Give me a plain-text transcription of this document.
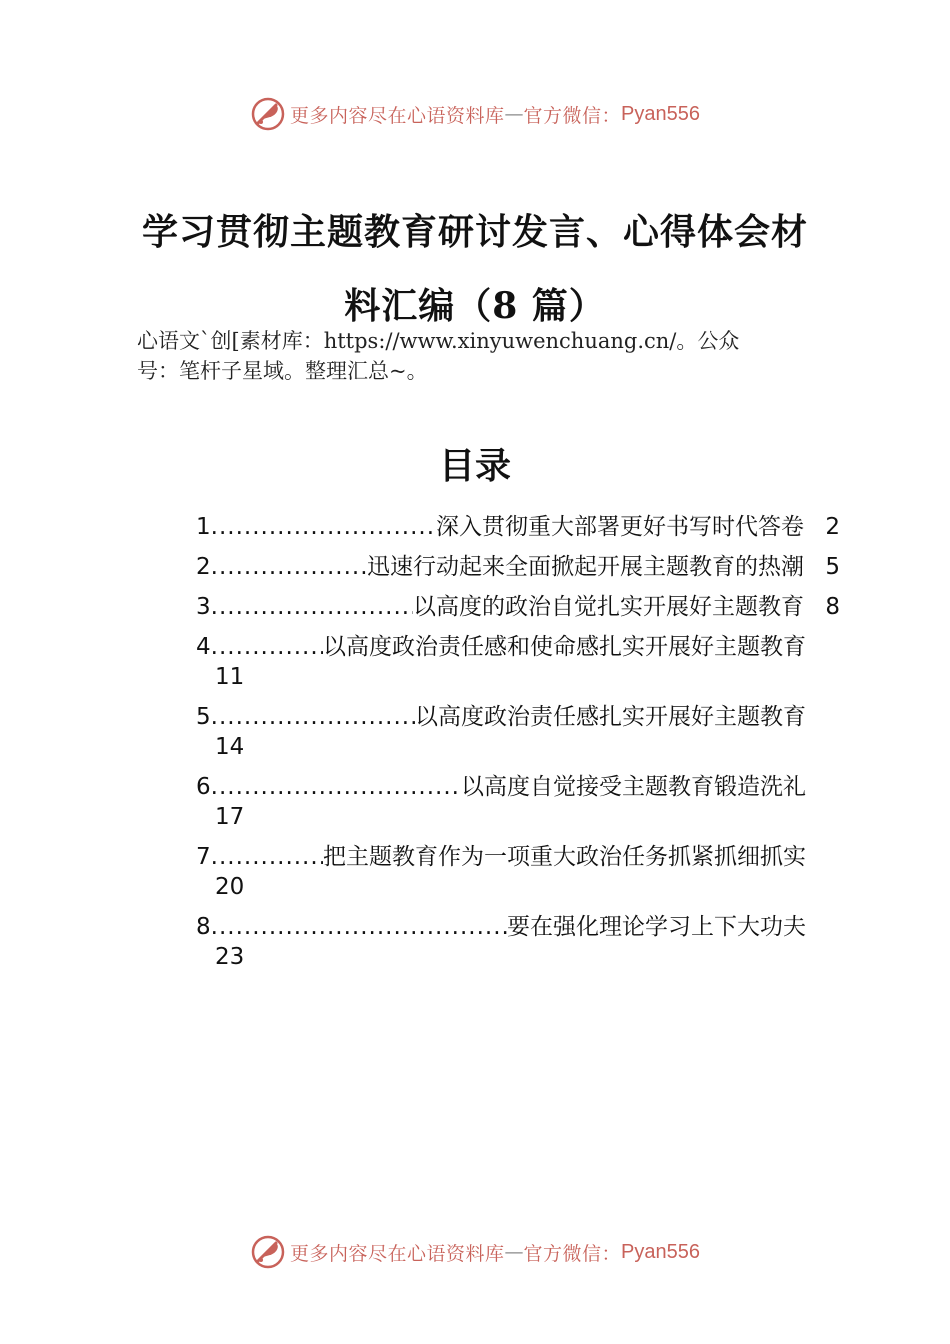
更多内容尽在心语资料库 — 官方微信： Pyan556
学习贯彻主题教育研讨发言、心得体会材
料汇编（8 篇）
心语文`创[素材库：https://www.xinyuwenchuang.cn/。公众
号：笔杆子星域。整理汇总~。
目录
1 .....	深入贯彻重大部署更好书写时代答卷 2
2 .....	迅速行动起来全面掀起开展主题教育的热潮 5
3 .....	以高度的政治自觉扎实开展好主题教育 8
4 .....	以高度政治责任感和使命感扎实开展好主题教育
11
5 .....	以高度政治责任感扎实开展好主题教育
14
6 .....	以高度自觉接受主题教育锻造洗礼
17
7 .....	把主题教育作为一项重大政治任务抓紧抓细抓实
20
8 .....	要在强化理论学习上下大功夫
23
更多内容尽在心语资料库 — 官方微信： Pyan556
